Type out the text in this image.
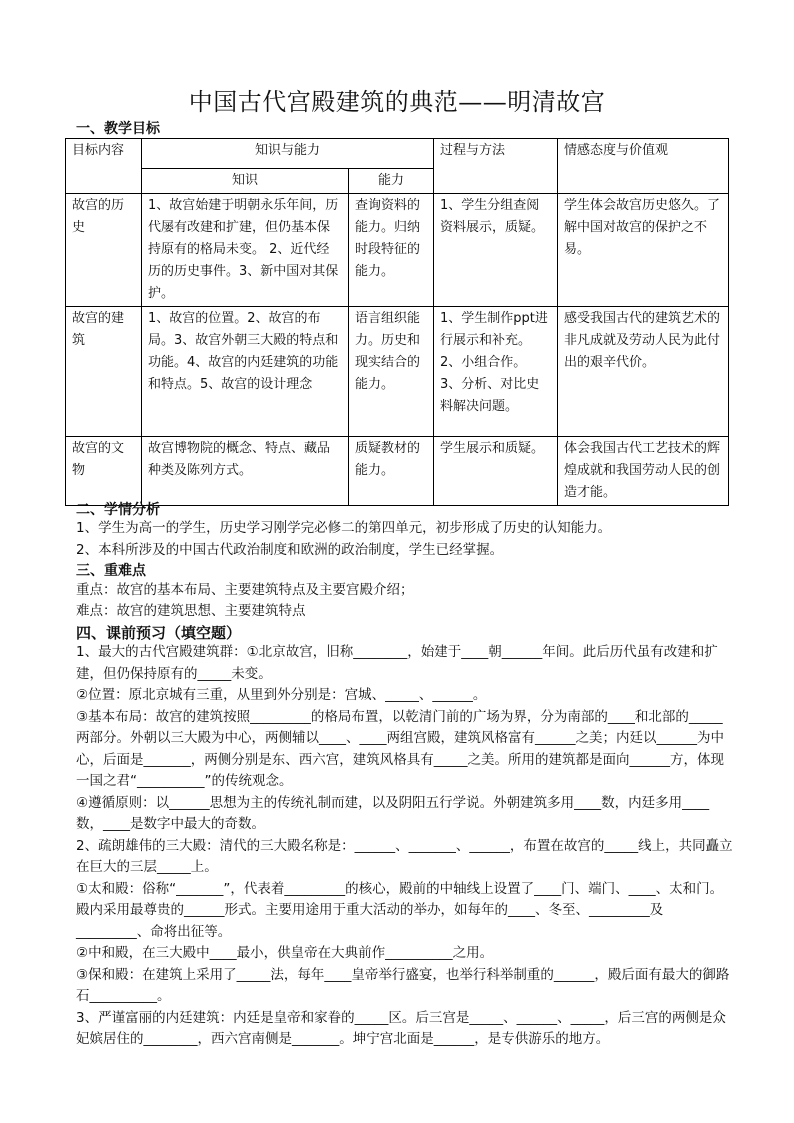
中国古代宫殿建筑的典范——明清故宫
一、教学目标
目标内容	知识与能力		过程与方法	情感态度与价值观
	知识	能力		
故宫的历史	1、故宫始建于明朝永乐年间，历代屡有改建和扩建，但仍基本保持原有的格局未变。 2、近代经历的历史事件。3、新中国对其保护。	查询资料的能力。归纳时段特征的能力。	1、学生分组查阅资料展示，质疑。	学生体会故宫历史悠久。了解中国对故宫的保护之不易。
故宫的建筑	1、故宫的位置。2、故宫的布局。3、故宫外朝三大殿的特点和功能。4、故宫的内廷建筑的功能和特点。5、故宫的设计理念	语言组织能力。历史和现实结合的能力。	1、学生制作ppt进行展示和补充。 2、小组合作。 3、分析、对比史料解决问题。	感受我国古代的建筑艺术的非凡成就及劳动人民为此付出的艰辛代价。
故宫的文物	故宫博物院的概念、特点、藏品种类及陈列方式。	质疑教材的能力。	学生展示和质疑。	体会我国古代工艺技术的辉煌成就和我国劳动人民的创造才能。
二、学情分析
1、学生为高一的学生，历史学习刚学完必修二的第四单元，初步形成了历史的认知能力。
2、本科所涉及的中国古代政治制度和欧洲的政治制度，学生已经掌握。
三、重难点
重点：故宫的基本布局、主要建筑特点及主要宫殿介绍；
难点：故宫的建筑思想、主要建筑特点
四、课前预习（填空题）

1、最大的古代宫殿建筑群：①北京故宫，旧称________，始建于____朝______年间。此后历代虽有改建和扩建，但仍保持原有的_____未变。

②位置：原北京城有三重，从里到外分别是：宫城、_____、______。

③基本布局：故宫的建筑按照_________的格局布置，以乾清门前的广场为界，分为南部的____和北部的_____两部分。外朝以三大殿为中心，两侧辅以____、____两组宫殿，建筑风格富有______之美；内廷以______为中心，后面是_______，两侧分别是东、西六宫，建筑风格具有_____之美。所用的建筑都是面向______方，体现一国之君“__________”的传统观念。

④遵循原则：以______思想为主的传统礼制而建，以及阴阳五行学说。外朝建筑多用____数，内廷多用____数，____是数字中最大的奇数。

2、疏朗雄伟的三大殿：清代的三大殿名称是：______、_______、______，布置在故宫的_____线上，共同矗立在巨大的三层_____上。

①太和殿：俗称“_______”，代表着_________的核心，殿前的中轴线上设置了____门、端门、____、太和门。殿内采用最尊贵的______形式。主要用途用于重大活动的举办，如每年的____、冬至、_________及_________、命将出征等。

②中和殿，在三大殿中____最小，供皇帝在大典前作__________之用。

③保和殿：在建筑上采用了_____法，每年____皇帝举行盛宴，也举行科举制重的______，殿后面有最大的御路石__________。

3、严谨富丽的内廷建筑：内廷是皇帝和家眷的_____区。后三宫是_____、______、_____，后三宫的两侧是众妃嫔居住的________，西六宫南侧是_______。坤宁宫北面是______，是专供游乐的地方。
